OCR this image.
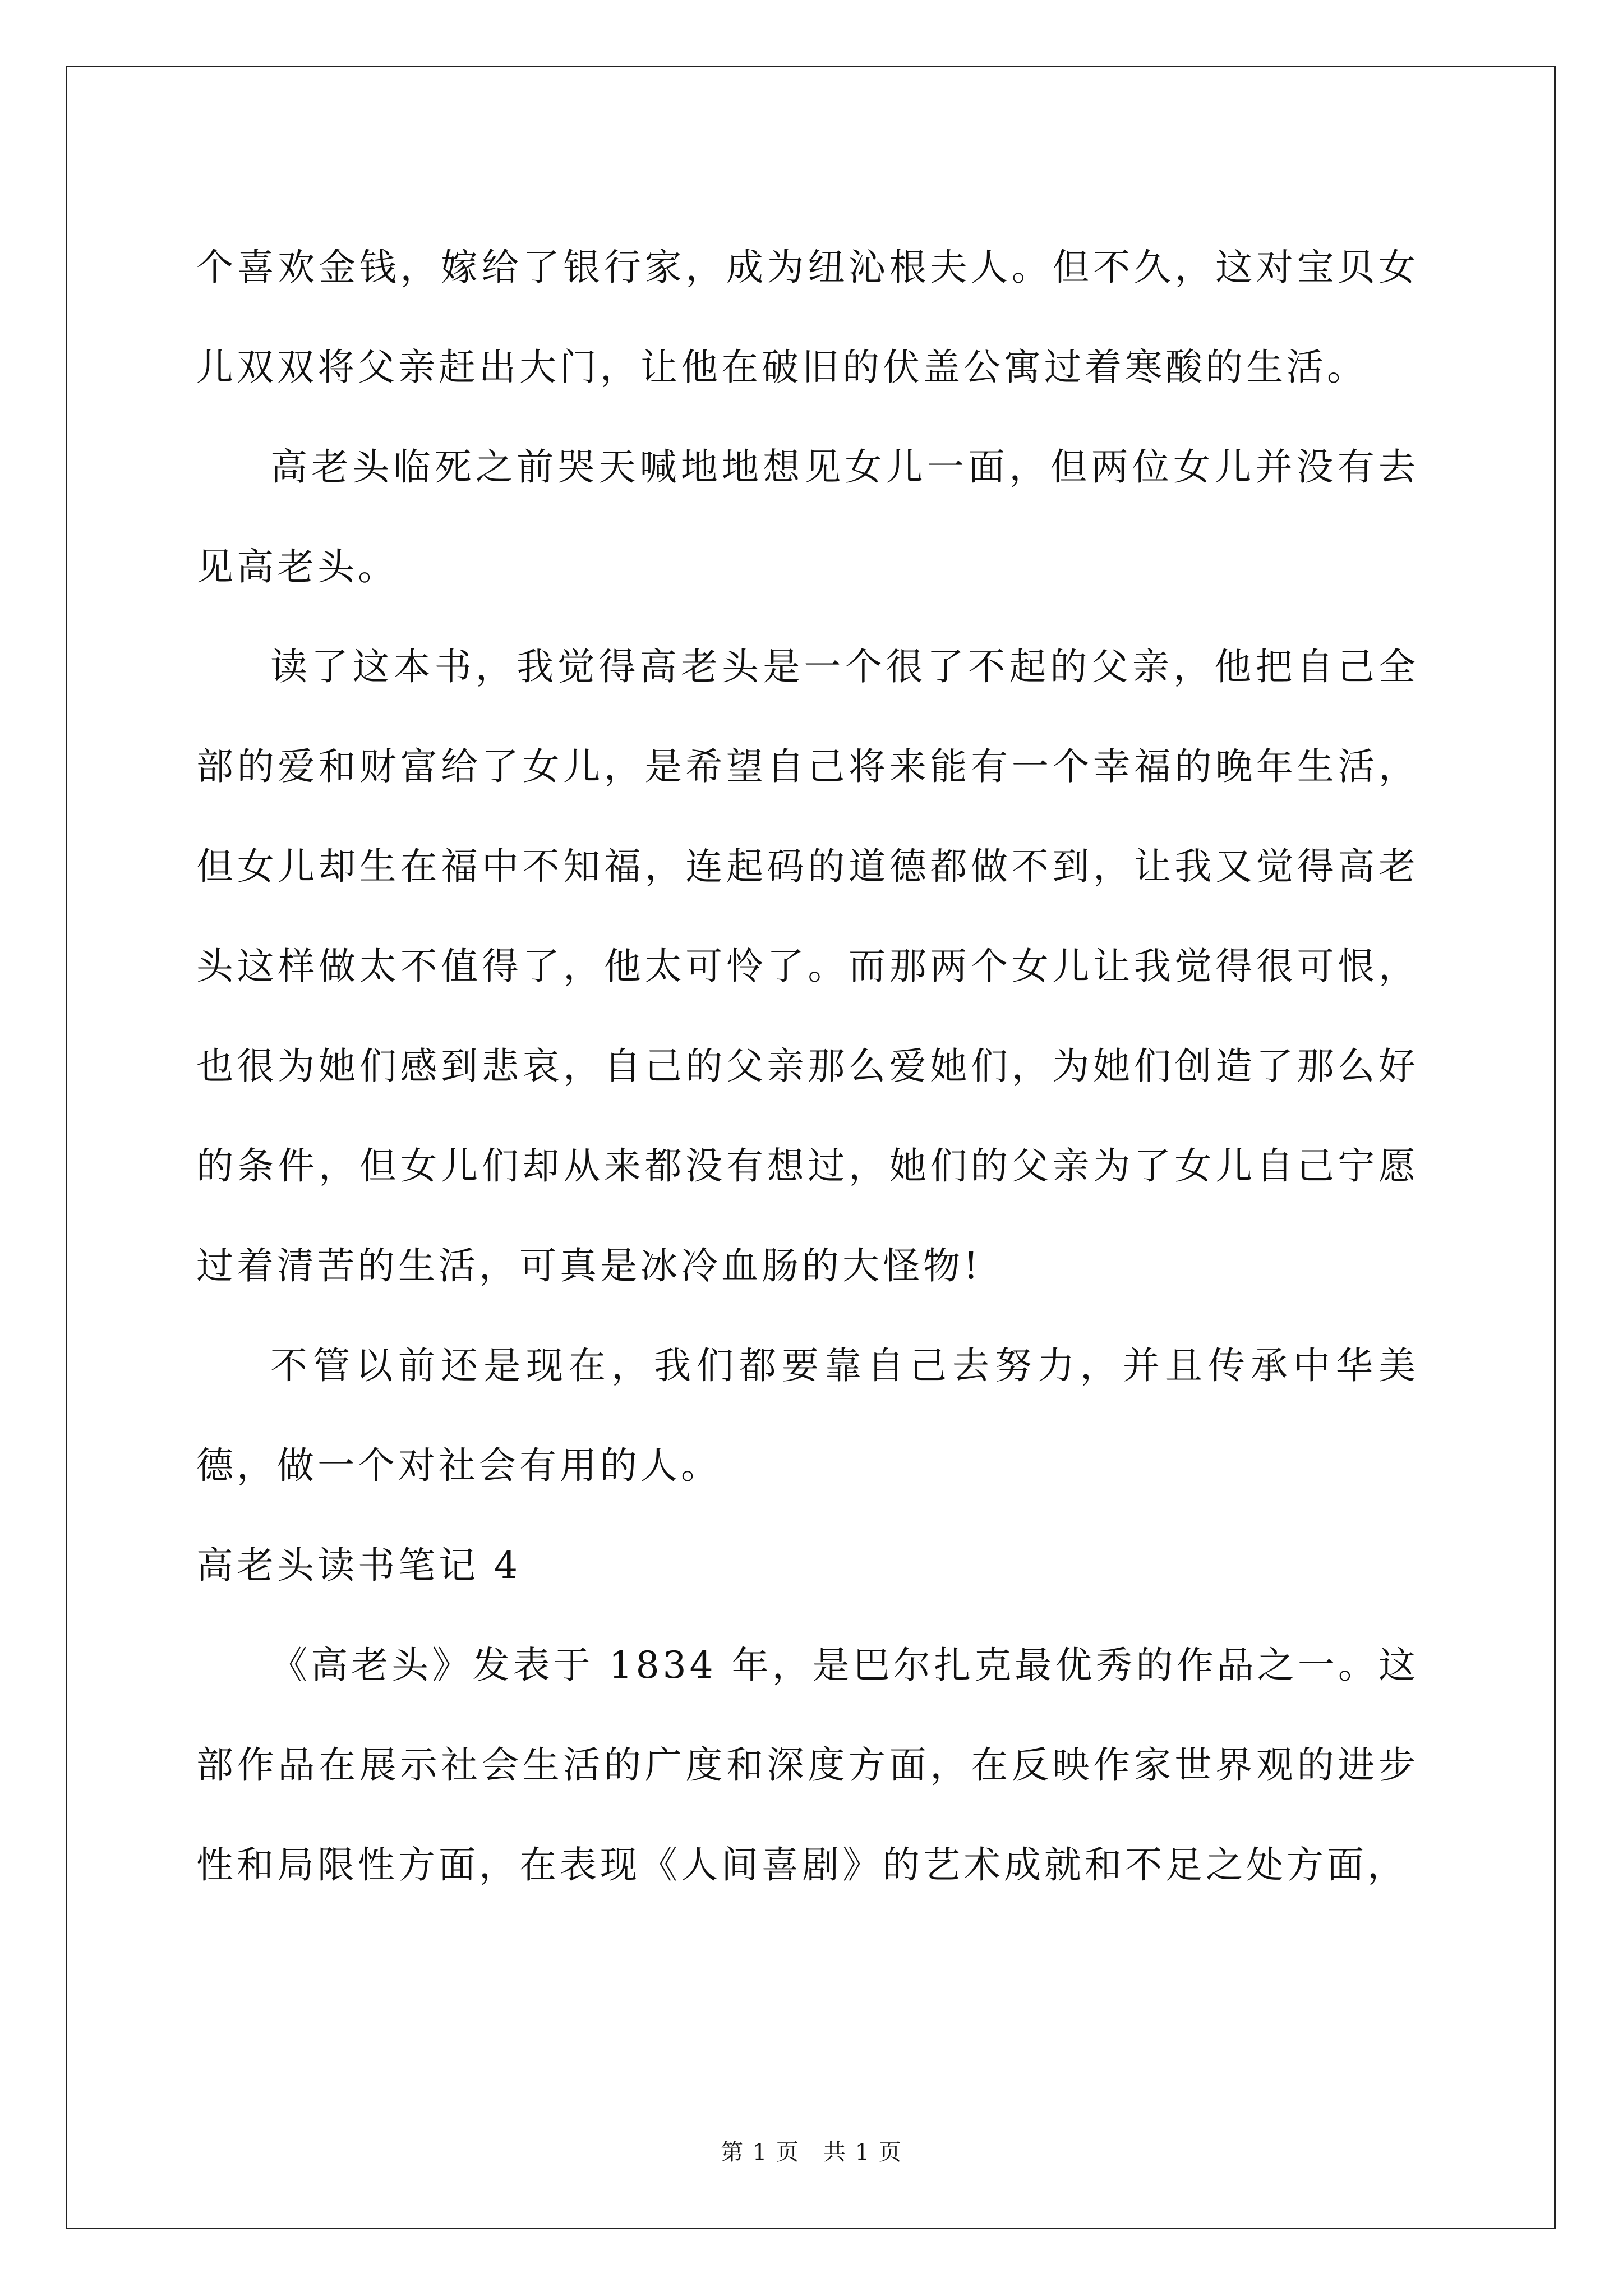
个喜欢金钱，嫁给了银行家，成为纽沁根夫人。但不久，这对宝贝女儿双双将父亲赶出大门，让他在破旧的伏盖公寓过着寒酸的生活。

高老头临死之前哭天喊地地想见女儿一面，但两位女儿并没有去见高老头。

读了这本书，我觉得高老头是一个很了不起的父亲，他把自己全部的爱和财富给了女儿，是希望自己将来能有一个幸福的晚年生活，但女儿却生在福中不知福，连起码的道德都做不到，让我又觉得高老头这样做太不值得了，他太可怜了。而那两个女儿让我觉得很可恨，也很为她们感到悲哀，自己的父亲那么爱她们，为她们创造了那么好的条件，但女儿们却从来都没有想过，她们的父亲为了女儿自己宁愿过着清苦的生活，可真是冰冷血肠的大怪物!

不管以前还是现在，我们都要靠自己去努力，并且传承中华美德，做一个对社会有用的人。

高老头读书笔记 4

《高老头》发表于 1834 年，是巴尔扎克最优秀的作品之一。这部作品在展示社会生活的广度和深度方面，在反映作家世界观的进步性和局限性方面，在表现《人间喜剧》的艺术成就和不足之处方面，

第 1 页　共 1 页
